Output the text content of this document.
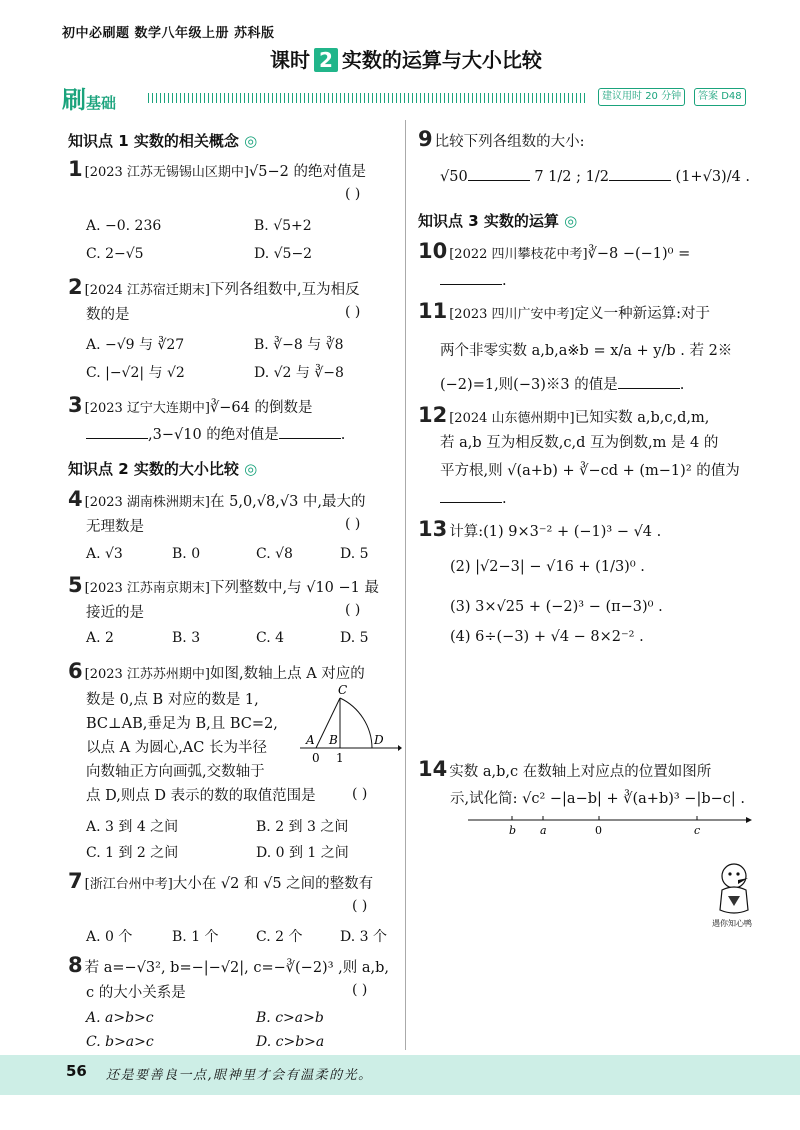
初中必刷题 数学八年级上册 苏科版
课时 2 实数的运算与大小比较
刷基础	建议用时 20 分钟	答案 D48
知识点 1 实数的相关概念 ◎
1 [2023 江苏无锡锡山区期中]√5−2 的绝对值是
( )
A. −0. 236	B. √5+2
C. 2−√5	D. √5−2
2 [2024 江苏宿迁期末]下列各组数中,互为相反
数的是	( )
A. −√9 与 ∛27	B. ∛−8 与 ∛8
C. |−√2| 与 √2	D. √2 与 ∛−8
3 [2023 辽宁大连期中]∛−64 的倒数是
,3−√10 的绝对值是	.
知识点 2 实数的大小比较 ◎
4 [2023 湖南株洲期末]在 5,0,√8,√3 中,最大的
无理数是	( )
A. √3	B. 0	C. √8	D. 5
5 [2023 江苏南京期末]下列整数中,与 √10 −1 最
接近的是	( )
A. 2	B. 3	C. 4	D. 5
6 [2023 江苏苏州期中]如图,数轴上点 A 对应的
数是 0,点 B 对应的数是 1,
BC⊥AB,垂足为 B,且 BC=2,
以点 A 为圆心,AC 长为半径
向数轴正方向画弧,交数轴于
点 D,则点 D 表示的数的取值范围是	( )
C
A B	D
0 1
A. 3 到 4 之间	B. 2 到 3 之间
C. 1 到 2 之间	D. 0 到 1 之间
7 [浙江台州中考]大小在 √2 和 √5 之间的整数有
( )
A. 0 个	B. 1 个	C. 2 个	D. 3 个
8 若 a=−√3², b=−|−√2|, c=−∛(−2)³ ,则 a,b,
c 的大小关系是	( )
A. a>b>c	B. c>a>b
C. b>a>c	D. c>b>a
9 比较下列各组数的大小:
√50	7 1/2 ; 1/2	(1+√3)/4 .
知识点 3 实数的运算 ◎
10 [2022 四川攀枝花中考]∛−8 −(−1)⁰ =
.
11 [2023 四川广安中考]定义一种新运算:对于
两个非零实数 a,b,a※b = x/a + y/b . 若 2※
(−2)=1,则(−3)※3 的值是	.
12 [2024 山东德州期中]已知实数 a,b,c,d,m,
若 a,b 互为相反数,c,d 互为倒数,m 是 4 的
平方根,则 √(a+b) + ∛−cd + (m−1)² 的值为
.
13 计算:(1) 9×3⁻² + (−1)³ − √4 .
(2) |√2−3| − √16 + (1/3)⁰ .
(3) 3×√25 + (−2)³ − (π−3)⁰ .
(4) 6÷(−3) + √4 − 8×2⁻² .
14 实数 a,b,c 在数轴上对应点的位置如图所
示,试化简: √c² −|a−b| + ∛(a+b)³ −|b−c| .
b a	0	c
遇你知心鸭
56 还是要善良一点,眼神里才会有温柔的光。
